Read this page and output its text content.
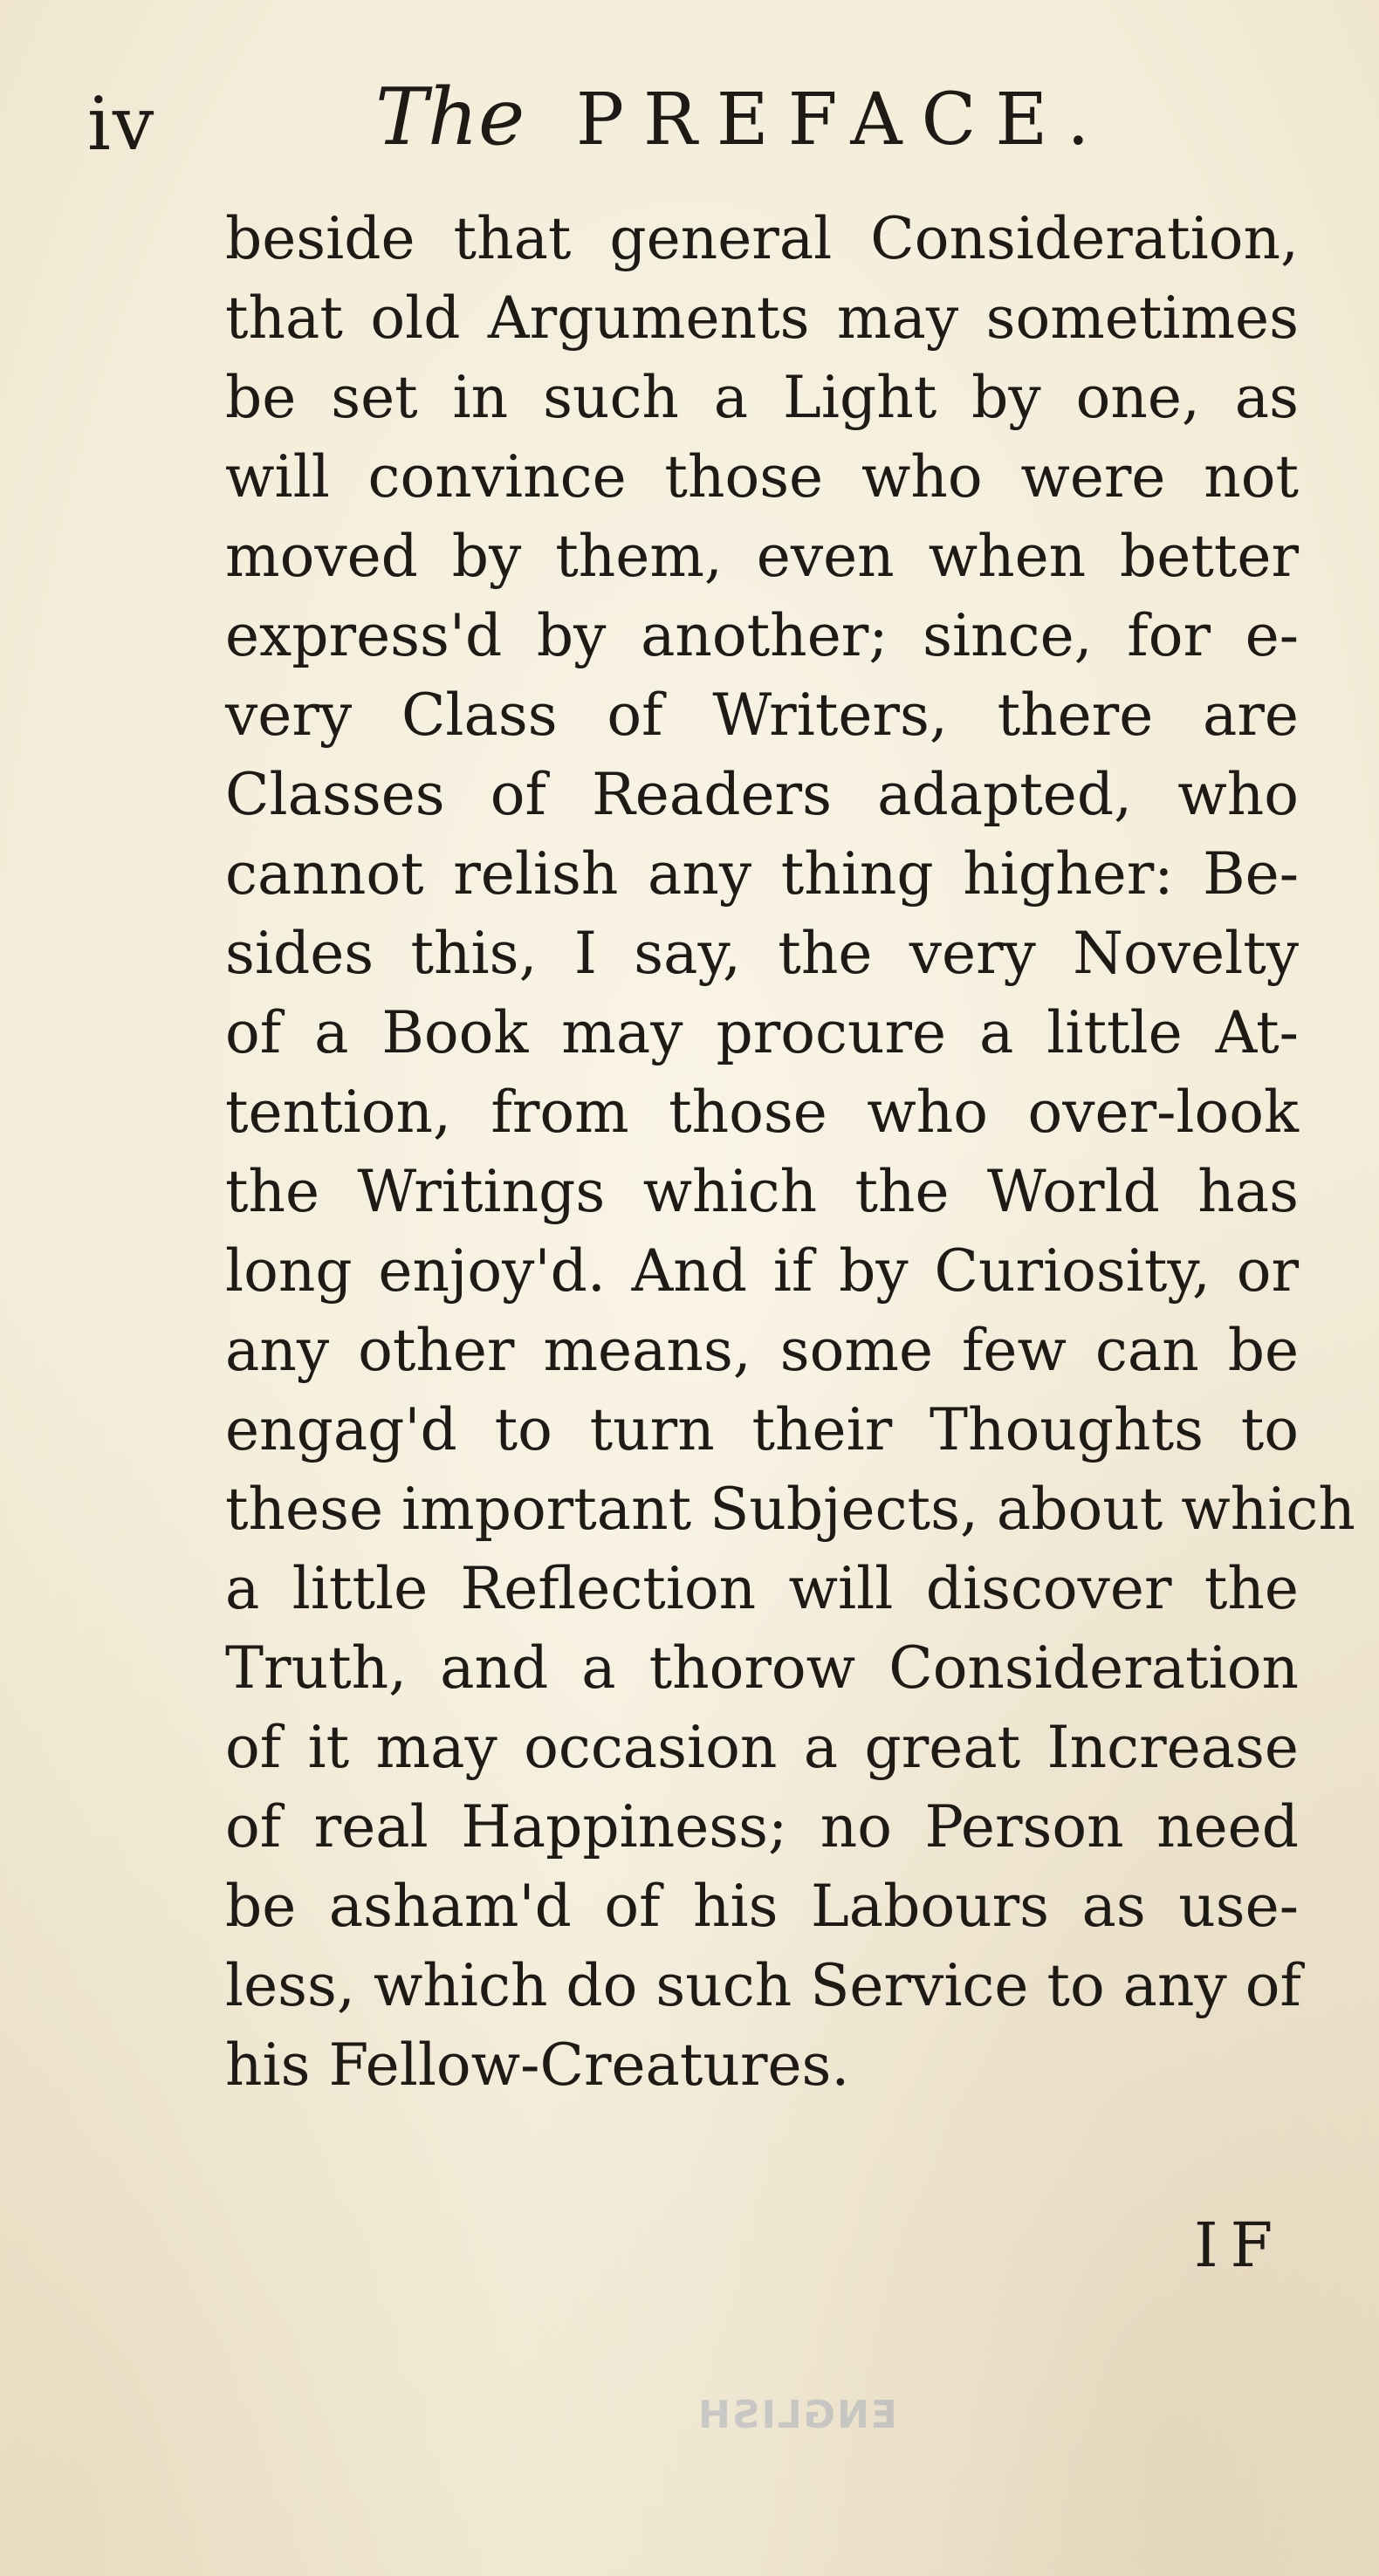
iv	The PREFACE.
beside that general Consideration,
that old Arguments may sometimes
be set in such a Light by one, as
will convince those who were not
moved by them, even when better
express'd by another; since, for e-
very Class of Writers, there are
Classes of Readers adapted, who
cannot relish any thing higher: Be-
sides this, I say, the very Novelty
of a Book may procure a little At-
tention, from those who over-look
the Writings which the World has
long enjoy'd. And if by Curiosity, or
any other means, some few can be
engag'd to turn their Thoughts to
these important Subjects, about which
a little Reflection will discover the
Truth, and a thorow Consideration
of it may occasion a great Increase
of real Happiness; no Person need
be asham'd of his Labours as use-
less, which do such Service to any of
his Fellow-Creatures.
IF
ENGLISH
